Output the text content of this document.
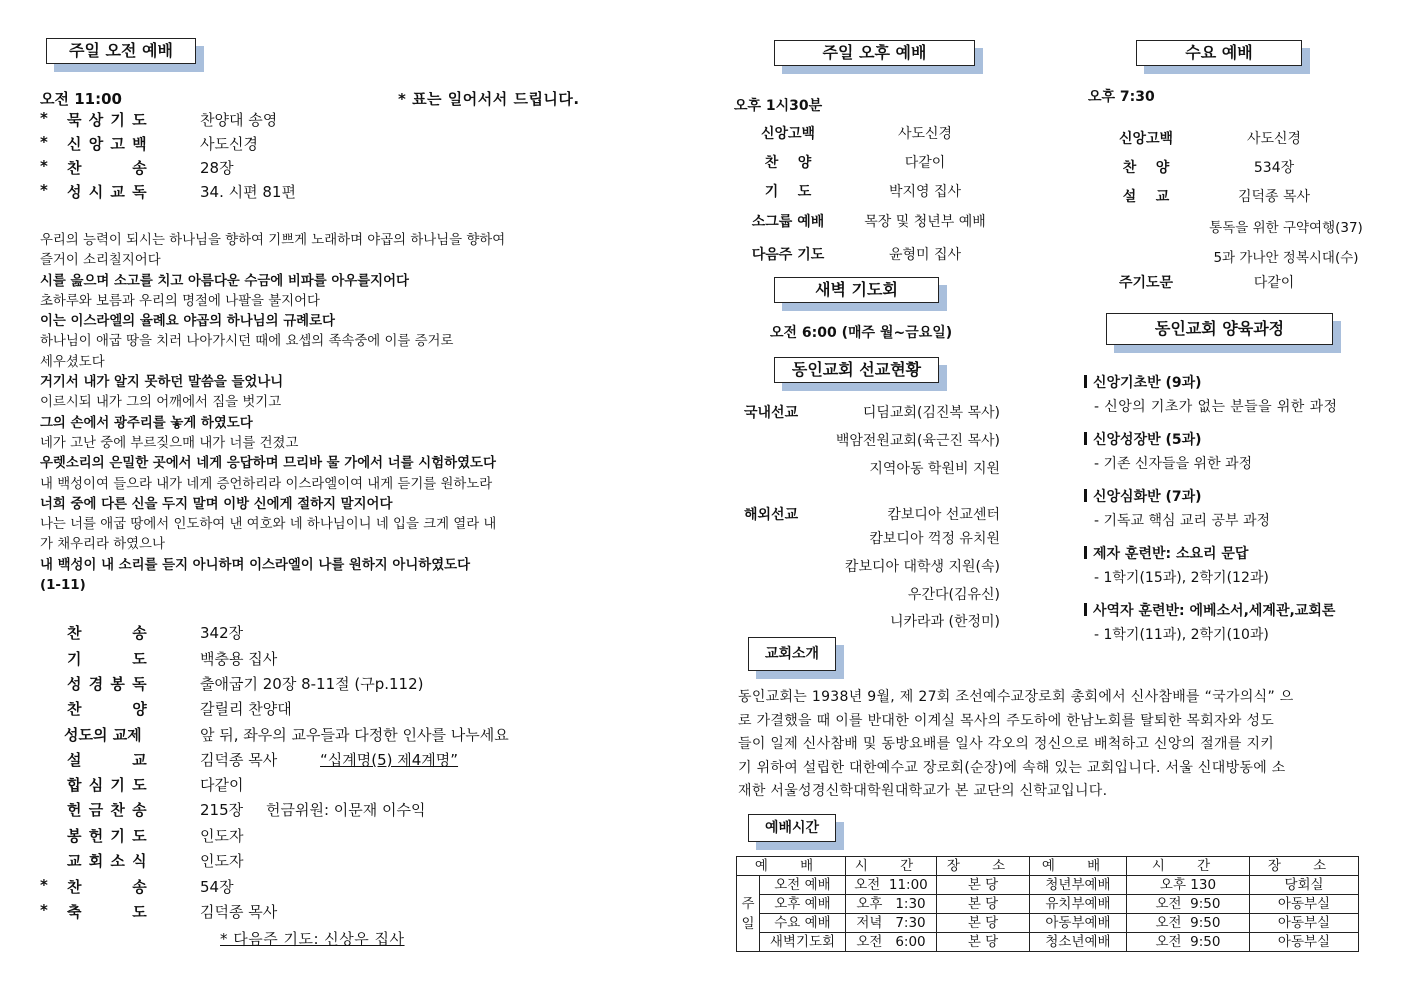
주일 오전 예배
오전 11:00	* 표는 일어서서 드립니다.
* 묵 상 기 도	찬양대 송영
* 신 앙 고 백	사도신경
* 찬        송	28장
* 성 시 교 독	34. 시편 81편
우리의 능력이 되시는 하나님을 향하여 기쁘게 노래하며 야곱의 하나님을 향하여
즐거이 소리칠지어다
시를 읊으며 소고를 치고 아름다운 수금에 비파를 아우를지어다
초하루와 보름과 우리의 명절에 나팔을 불지어다
이는 이스라엘의 율례요 야곱의 하나님의 규례로다
하나님이 애굽 땅을 치러 나아가시던 때에 요셉의 족속중에 이를 증거로
세우셨도다
거기서 내가 알지 못하던 말씀을 들었나니
이르시되 내가 그의 어깨에서 짐을 벗기고
그의 손에서 광주리를 놓게 하였도다
네가 고난 중에 부르짖으매 내가 너를 건졌고
우렛소리의 은밀한 곳에서 네게 응답하며 므리바 물 가에서 너를 시험하였도다
내 백성이여 들으라 내가 네게 증언하리라 이스라엘이여 내게 듣기를 원하노라
너희 중에 다른 신을 두지 말며 이방 신에게 절하지 말지어다
나는 너를 애굽 땅에서 인도하여 낸 여호와 네 하나님이니 네 입을 크게 열라 내
가 채우리라 하였으나
내 백성이 내 소리를 듣지 아니하며 이스라엘이 나를 원하지 아니하였도다
(1-11)
찬        송	342장
기        도	백충용 집사
성 경 봉 독	출애굽기 20장 8-11절 (구p.112)
찬        양	갈릴리 찬양대
성도의 교제	앞 뒤, 좌우의 교우들과 다정한 인사를 나누세요
설        교	김덕종 목사	“십계명(5) 제4계명”
합 심 기 도	다같이
헌 금 찬 송	215장 헌금위원: 이문재 이수익
봉 헌 기 도	인도자
교 회 소 식	인도자
* 찬        송	54장
* 축        도	김덕종 목사
* 다음주 기도: 신상우 집사
주일 오후 예배
오후 1시30분
신앙고백	사도신경
찬    양	다같이
기    도	박지영 집사
소그룹 예배	목장 및 청년부 예배
다음주 기도	윤형미 집사
새벽 기도회
오전 6:00 (매주 월~금요일)
동인교회 선교현황
국내선교	디딤교회(김진복 목사)
백암전원교회(육근진 목사)
지역아동 학원비 지원
해외선교	캄보디아 선교센터
캄보디아 꺽정 유치원
캄보디아 대학생 지원(속)
우간다(김유신)
니카라과 (한정미)
수요 예배
오후 7:30
신앙고백	사도신경
찬    양	534장
설    교	김덕종 목사
통독을 위한 구약여행(37)
5과 가나안 정복시대(수)
주기도문	다같이
동인교회 양육과정
신앙기초반 (9과)
- 신앙의 기초가 없는 분들을 위한 과정
신앙성장반 (5과)
- 기존 신자들을 위한 과정
신앙심화반 (7과)
- 기독교 핵심 교리 공부 과정
제자 훈련반: 소요리 문답
- 1학기(15과), 2학기(12과)
사역자 훈련반: 에베소서,세계관,교회론
- 1학기(11과), 2학기(10과)
교회소개
동인교회는 1938년 9월, 제 27회 조선예수교장로회 총회에서 신사참배를 “국가의식” 으
로 가결했을 때 이를 반대한 이계실 목사의 주도하에 한남노회를 탈퇴한 목회자와 성도
들이 일제 신사참배 및 동방요배를 일사 각오의 정신으로 배척하고 신앙의 절개를 지키
기 위하여 설립한 대한예수교 장로회(순장)에 속해 있는 교회입니다. 서울 신대방동에 소
재한 서울성경신학대학원대학교가 본 교단의 신학교입니다.
예배시간
예 배		시 간	장 소	예 배	시 간	장 소
주일	오전 예배	오전  11:00	본 당	청년부예배	오후 130	당회실
	오후 예배	오후   1:30	본 당	유치부예배	오전  9:50	아동부실
	수요 예배	저녁   7:30	본 당	아동부예배	오전  9:50	아동부실
	새벽기도회	오전   6:00	본 당	청소년예배	오전  9:50	아동부실
